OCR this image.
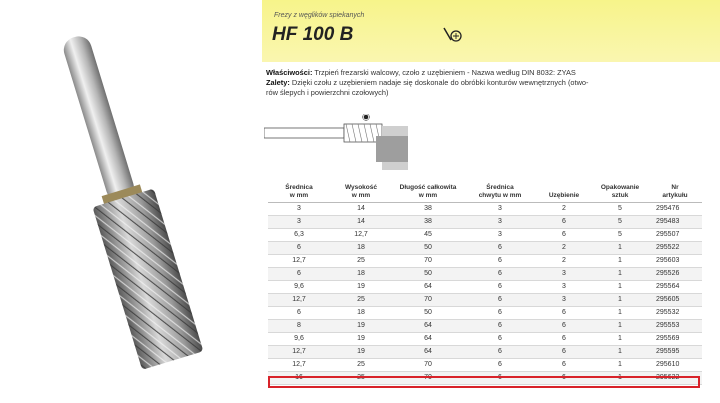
Frezy z węglików spiekanych
HF 100 B
Właściwości: Trzpień frezarski walcowy, czoło z uzębieniem - Nazwa według DIN 8032: ZYAS
Zalety: Dzięki czołu z uzębieniem nadaje się doskonale do obróbki konturów wewnętrznych (otwo-
rów ślepych i powierzchni czołowych)
Średnica
w mm	Wysokość
w mm	Długość całkowita
w mm	Średnica
chwytu w mm	Uzębienie	Opakowanie
sztuk	Nr
artykułu
3	14	38	3	2	5	295476
3	14	38	3	6	5	295483
6,3	12,7	45	3	6	5	295507
6	18	50	6	2	1	295522
12,7	25	70	6	2	1	295603
6	18	50	6	3	1	295526
9,6	19	64	6	3	1	295564
12,7	25	70	6	3	1	295605
6	18	50	6	6	1	295532
8	19	64	6	6	1	295553
9,6	19	64	6	6	1	295569
12,7	19	64	6	6	1	295595
12,7	25	70	6	6	1	295610
16	25	70	6	6	1	295622
